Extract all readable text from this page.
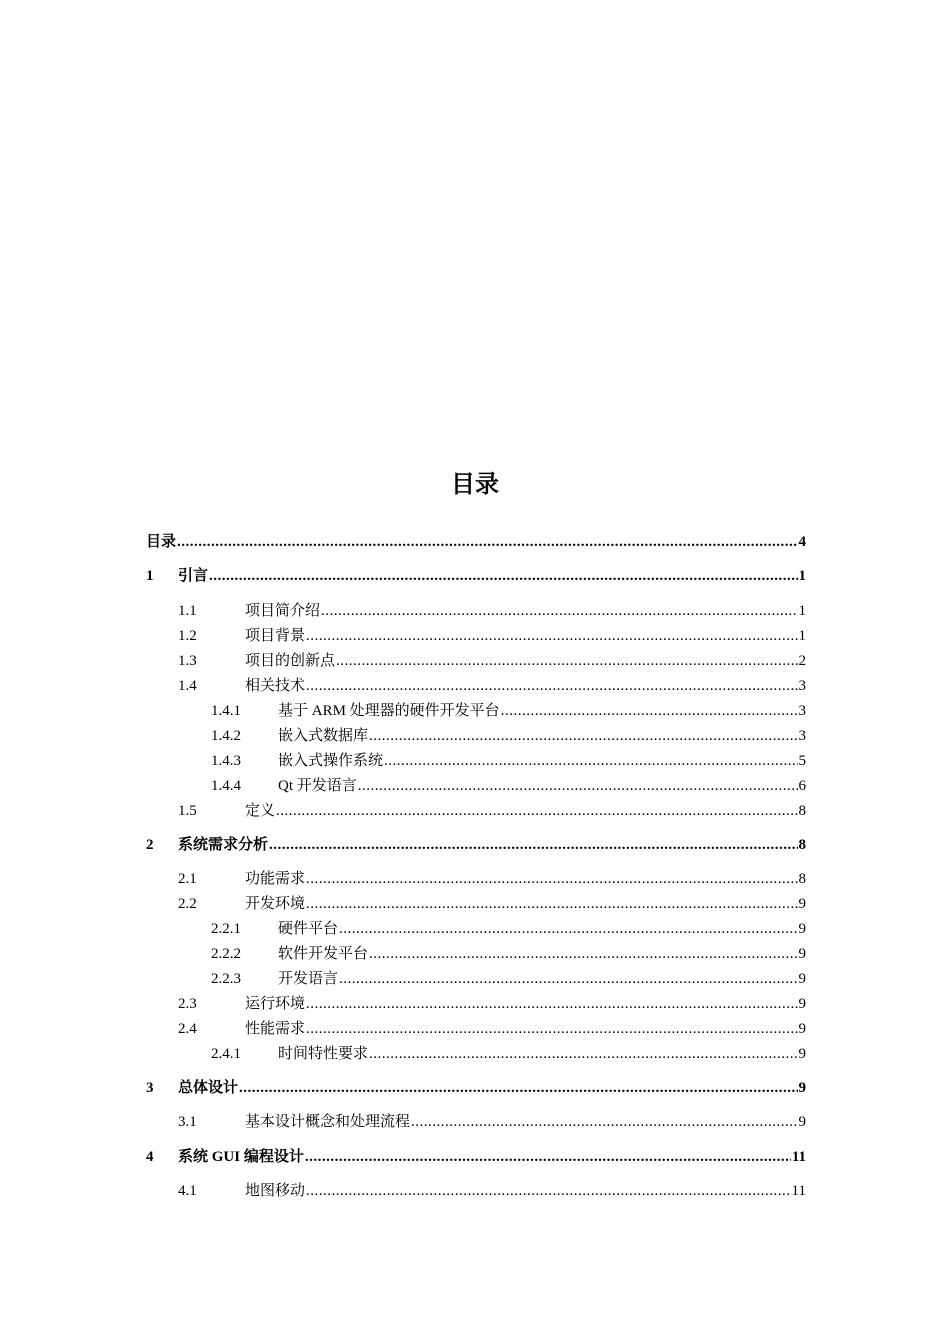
目录
目录 .....	4
1	引言 .....	1
1.1	项目简介绍 .....	1
1.2	项目背景 .....	1
1.3	项目的创新点 .....	2
1.4	相关技术 .....	3
1.4.1	基于 ARM 处理器的硬件开发平台 .....	3
1.4.2	嵌入式数据库 .....	3
1.4.3	嵌入式操作系统 .....	5
1.4.4	Qt 开发语言 .....	6
1.5	定义 .....	8
2	系统需求分析 .....	8
2.1	功能需求 .....	8
2.2	开发环境 .....	9
2.2.1	硬件平台 .....	9
2.2.2	软件开发平台 .....	9
2.2.3	开发语言 .....	9
2.3	运行环境 .....	9
2.4	性能需求 .....	9
2.4.1	时间特性要求 .....	9
3	总体设计 .....	9
3.1	基本设计概念和处理流程 .....	9
4	系统 GUI 编程设计 .....	11
4.1	地图移动 .....	11
